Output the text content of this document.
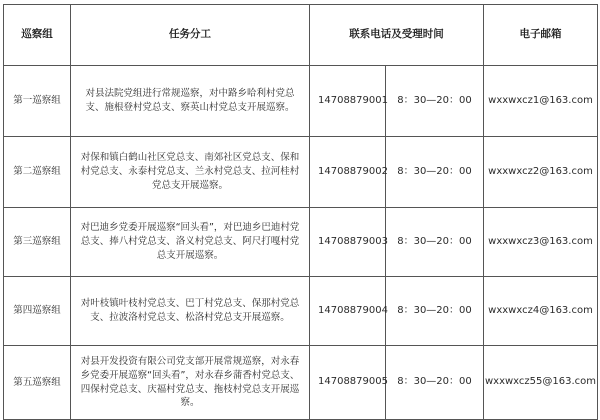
巡察组	任务分工	联系电话及受理时间		电子邮箱
第一巡察组	对县法院党组进行常规巡察，对中路乡哈利村党总支、施根登村党总支、察英山村党总支开展巡察。	14708879001	8：30—20：00	wxxwxcz1@163.com
第二巡察组	对保和镇白鹤山社区党总支、南郊社区党总支、保和村党总支、永泰村党总支、兰永村党总支、拉河桂村党总支开展巡察。	14708879002	8：30—20：00	wxxwxcz2@163.com
第三巡察组	对巴迪乡党委开展巡察“回头看”，对巴迪乡巴迪村党总支、捧八村党总支、洛义村党总支、阿尺打嘎村党总支开展巡察。	14708879003	8：30—20：00	wxxwxcz3@163.com
第四巡察组	对叶枝镇叶枝村党总支、巴丁村党总支、保那村党总支、拉波洛村党总支、松洛村党总支开展巡察。	14708879004	8：30—20：00	wxxwxcz4@163.com
第五巡察组	对县开发投资有限公司党支部开展常规巡察，对永春乡党委开展巡察“回头看”，对永春乡蒲香村党总支、四保村党总支、庆福村党总支、拖枝村党总支开展巡察。	14708879005	8：30—20：00	wxxwxcz55@163.com
